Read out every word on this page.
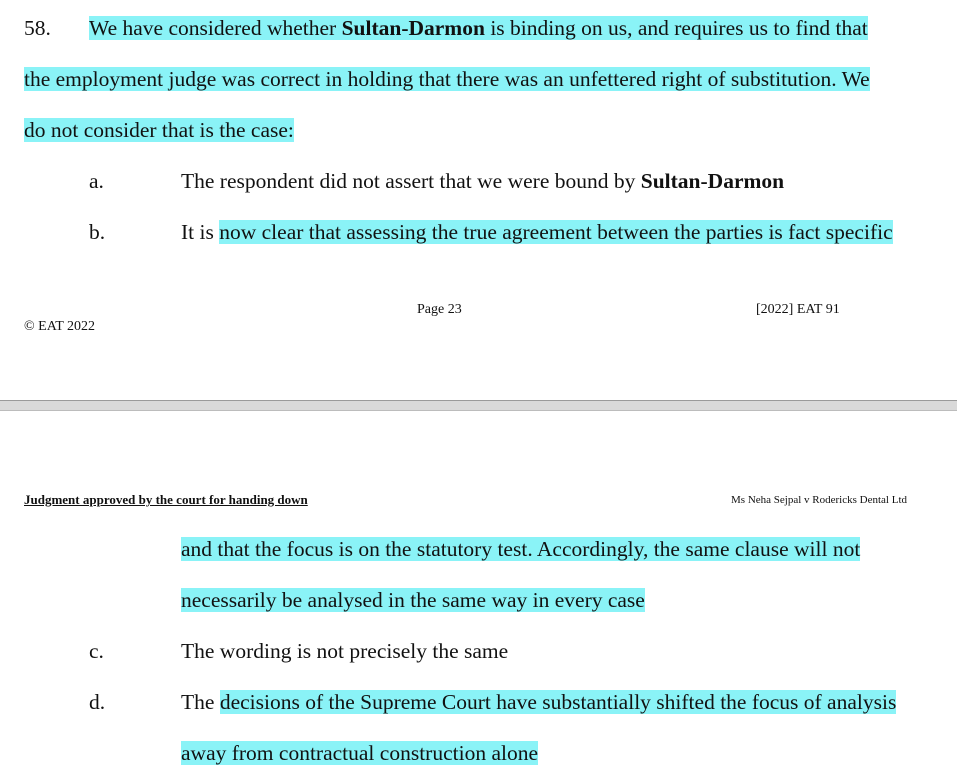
58. We have considered whether Sultan-Darmon is binding on us, and requires us to find that
the employment judge was correct in holding that there was an unfettered right of substitution. We
do not consider that is the case:
a.	The respondent did not assert that we were bound by Sultan-Darmon
b.	It is now clear that assessing the true agreement between the parties is fact specific
Page 23	[2022] EAT 91
© EAT 2022
Judgment approved by the court for handing down	Ms Neha Sejpal v Rodericks Dental Ltd
and that the focus is on the statutory test. Accordingly, the same clause will not
necessarily be analysed in the same way in every case
c.	The wording is not precisely the same
d.	The decisions of the Supreme Court have substantially shifted the focus of analysis
away from contractual construction alone
